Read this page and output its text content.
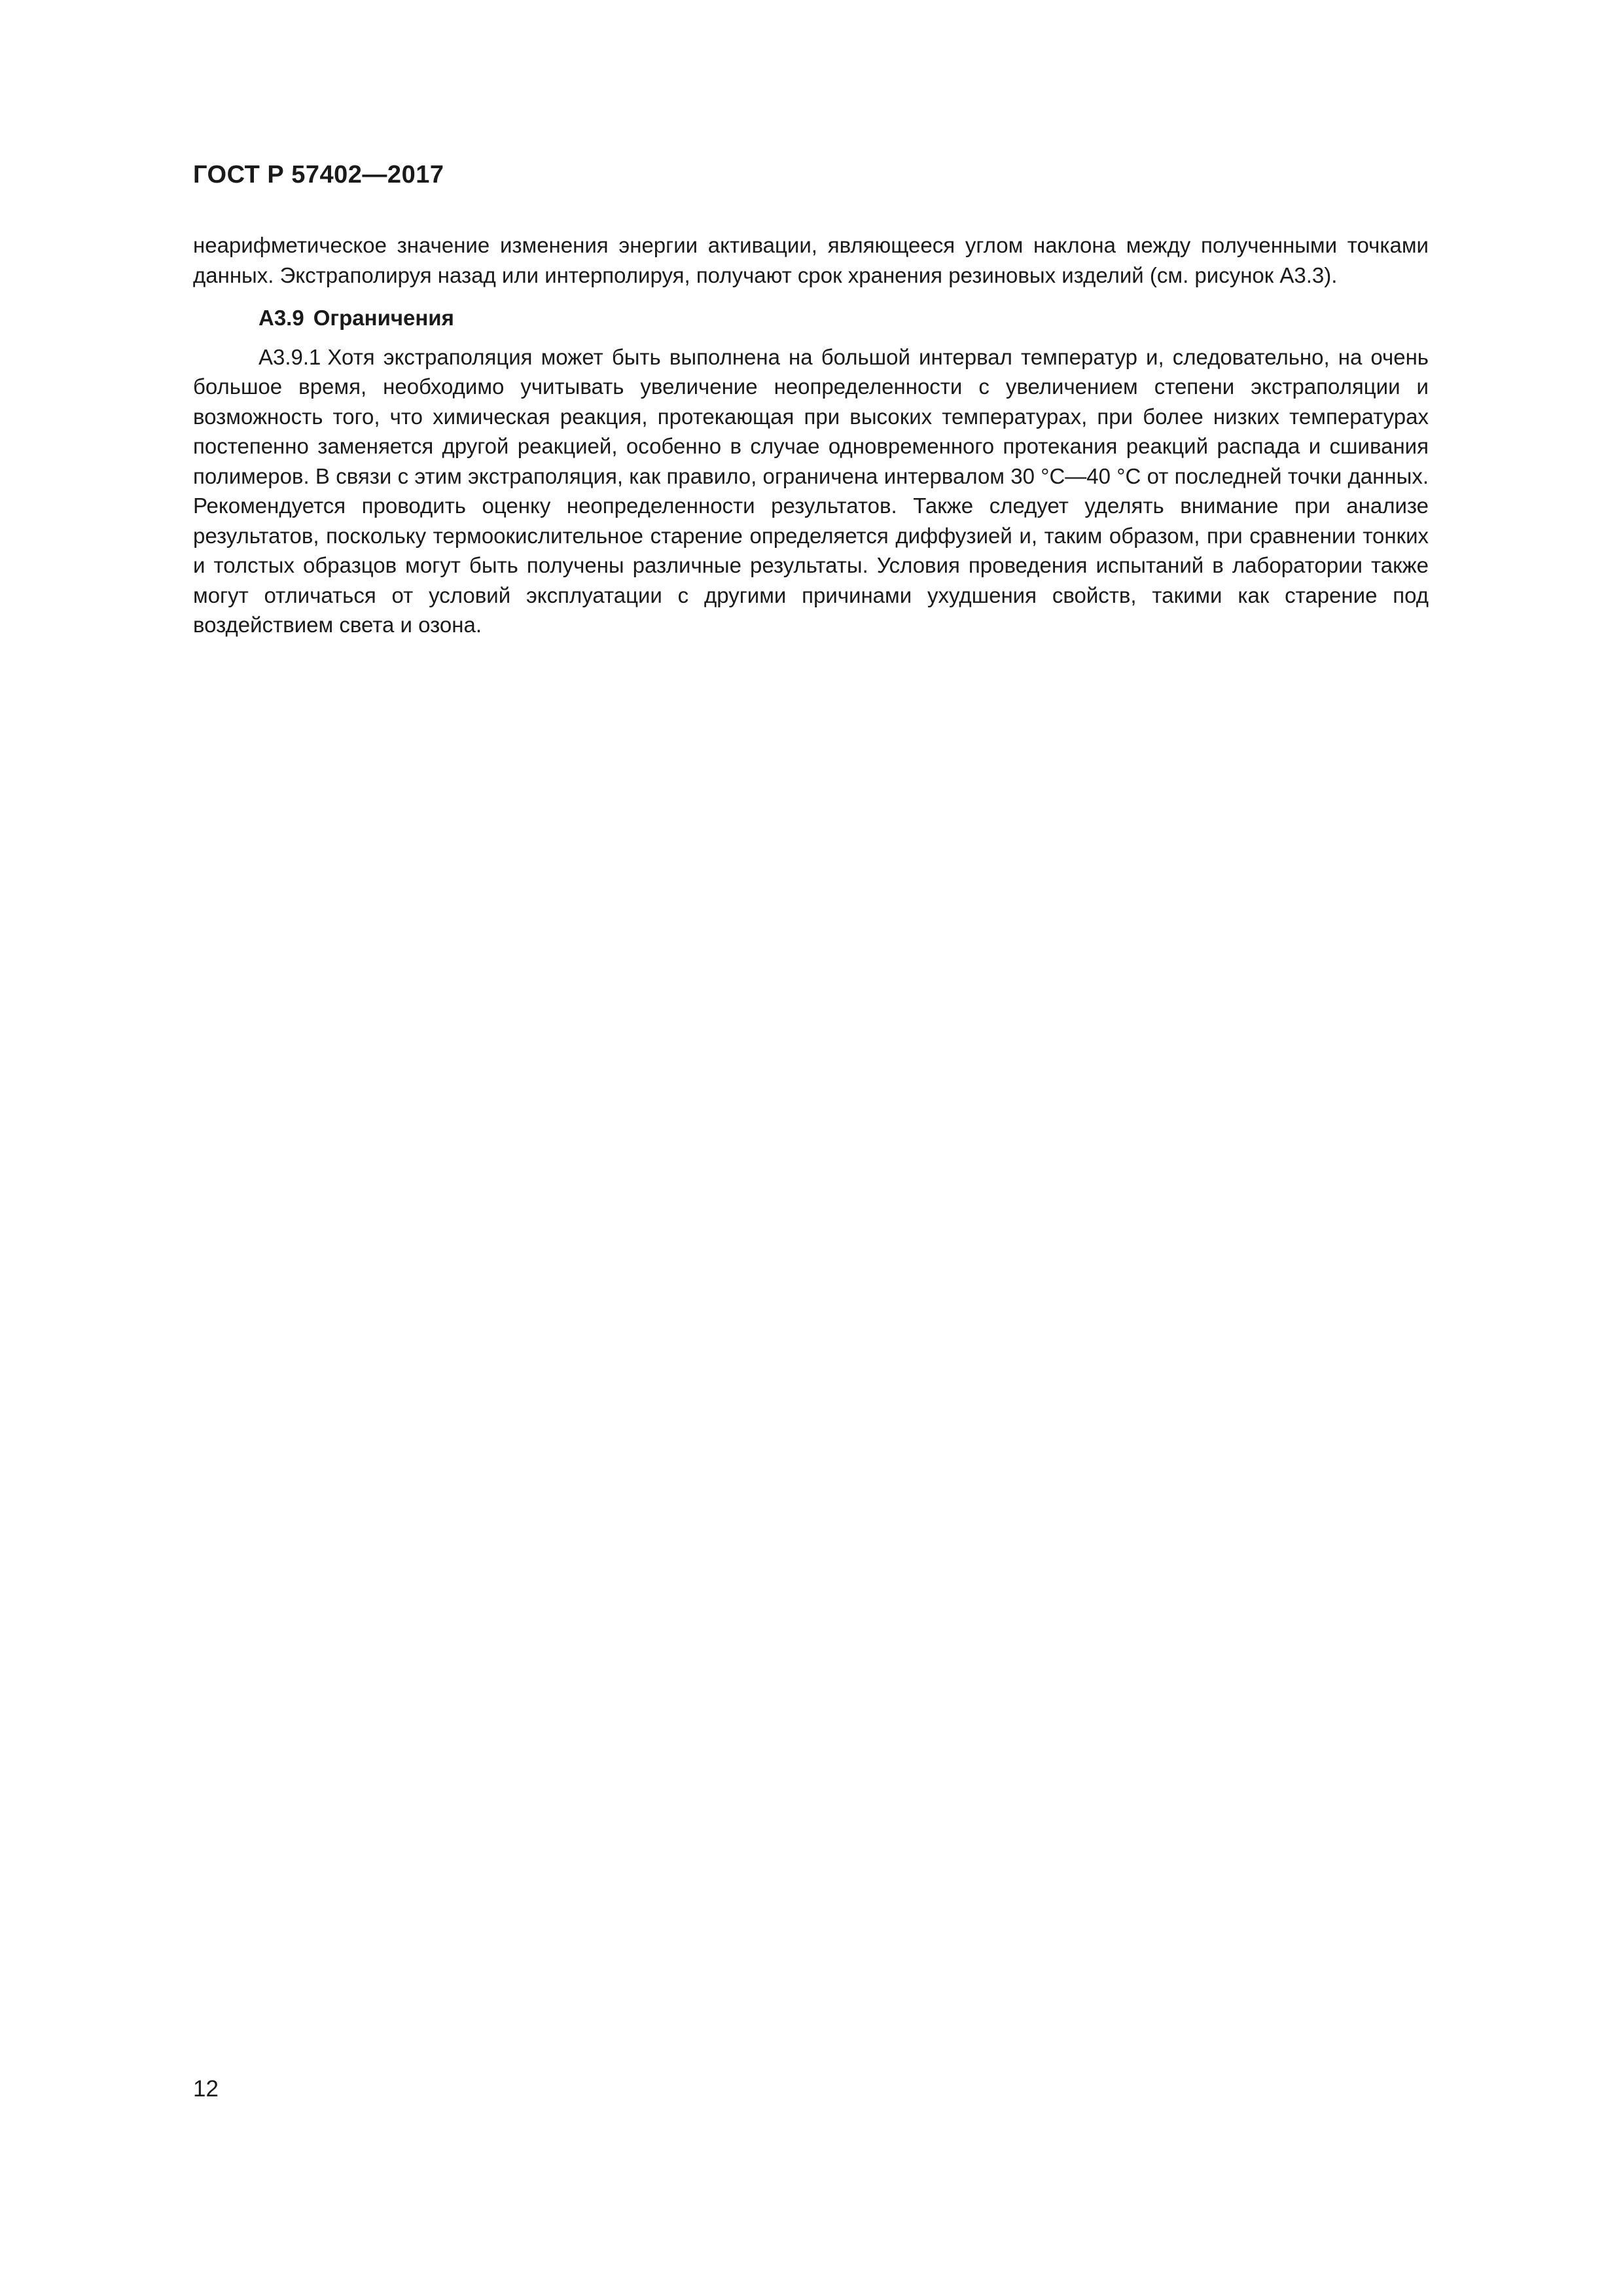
ГОСТ Р 57402—2017

неарифметическое значение изменения энергии активации, являющееся углом наклона между полученными точками данных. Экстраполируя назад или интерполируя, получают срок хранения резиновых изделий (см. рисунок А3.3).

А3.9 Ограничения

А3.9.1 Хотя экстраполяция может быть выполнена на большой интервал температур и, следовательно, на очень большое время, необходимо учитывать увеличение неопределенности с увеличением степени экстраполяции и возможность того, что химическая реакция, протекающая при высоких температурах, при более низких температурах постепенно заменяется другой реакцией, особенно в случае одновременного протекания реакций распада и сшивания полимеров. В связи с этим экстраполяция, как правило, ограничена интервалом 30 °С—40 °С от последней точки данных. Рекомендуется проводить оценку неопределенности результатов. Также следует уделять внимание при анализе результатов, поскольку термоокислительное старение определяется диффузией и, таким образом, при сравнении тонких и толстых образцов могут быть получены различные результаты. Условия проведения испытаний в лаборатории также могут отличаться от условий эксплуатации с другими причинами ухудшения свойств, такими как старение под воздействием света и озона.

12
